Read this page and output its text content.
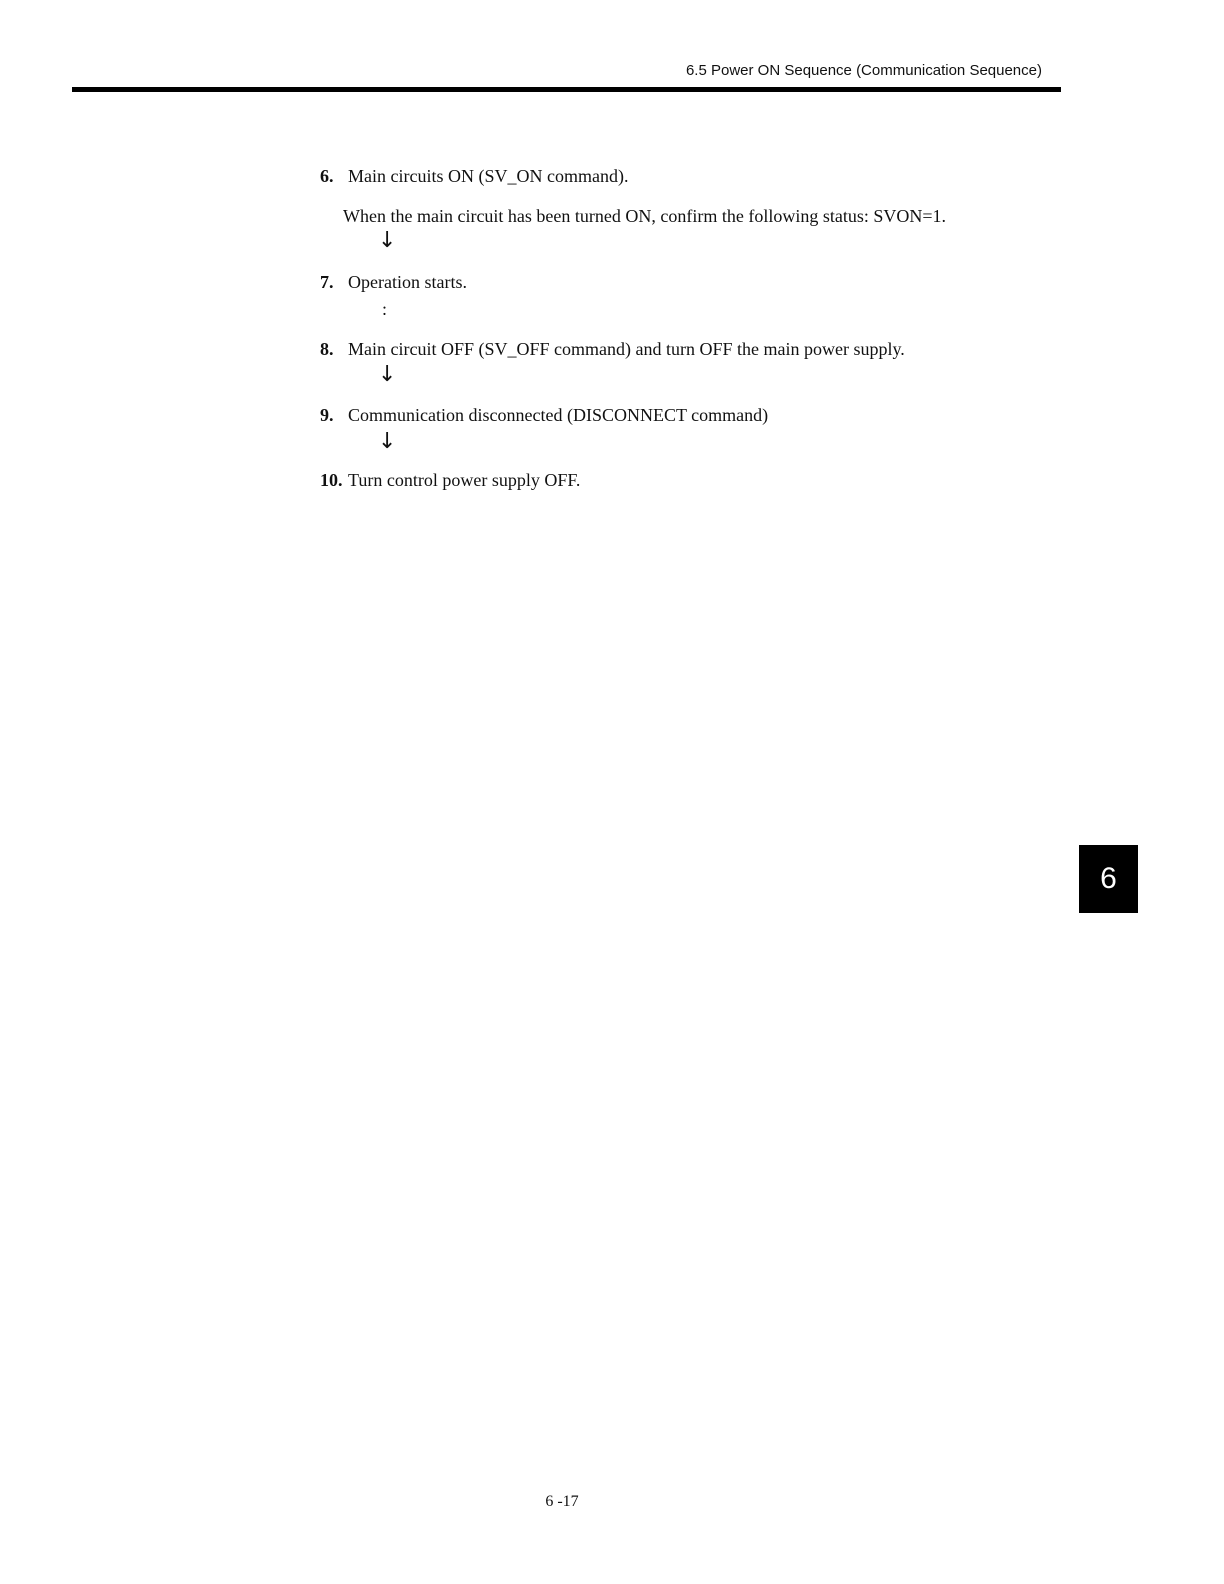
6.5 Power ON Sequence (Communication Sequence)
6. Main circuits ON (SV_ON command).
When the main circuit has been turned ON, confirm the following status: SVON=1.
↓
7. Operation starts.
:
8. Main circuit OFF (SV_OFF command) and turn OFF the main power supply.
↓
9. Communication disconnected (DISCONNECT command)
↓
10. Turn control power supply OFF.
6
6 -17
